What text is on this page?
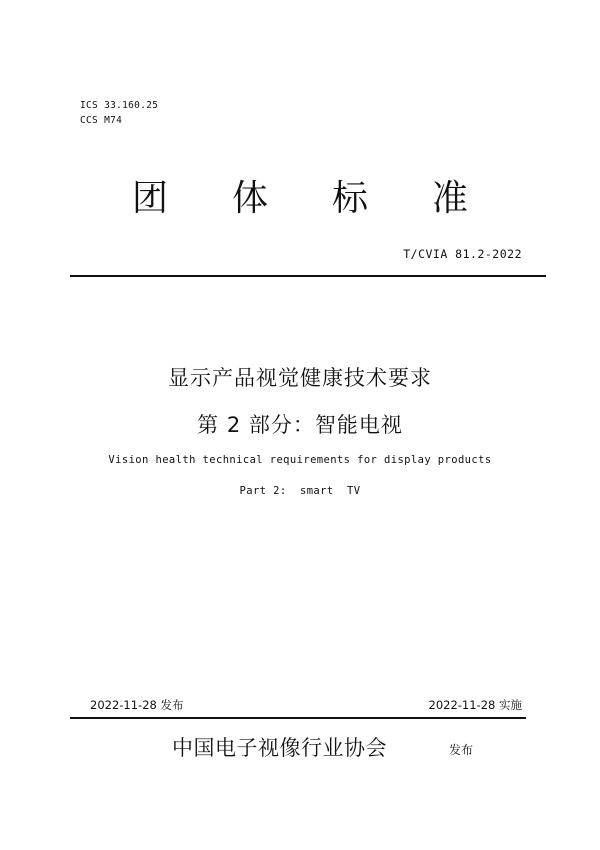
ICS 33.160.25
CCS M74
团 体 标 准
T/CVIA 81.2-2022
显示产品视觉健康技术要求
第 2 部分：智能电视
Vision health technical requirements for display products
Part 2:  smart  TV
2022-11-28 发布	2022-11-28 实施
中国电子视像行业协会	发布
